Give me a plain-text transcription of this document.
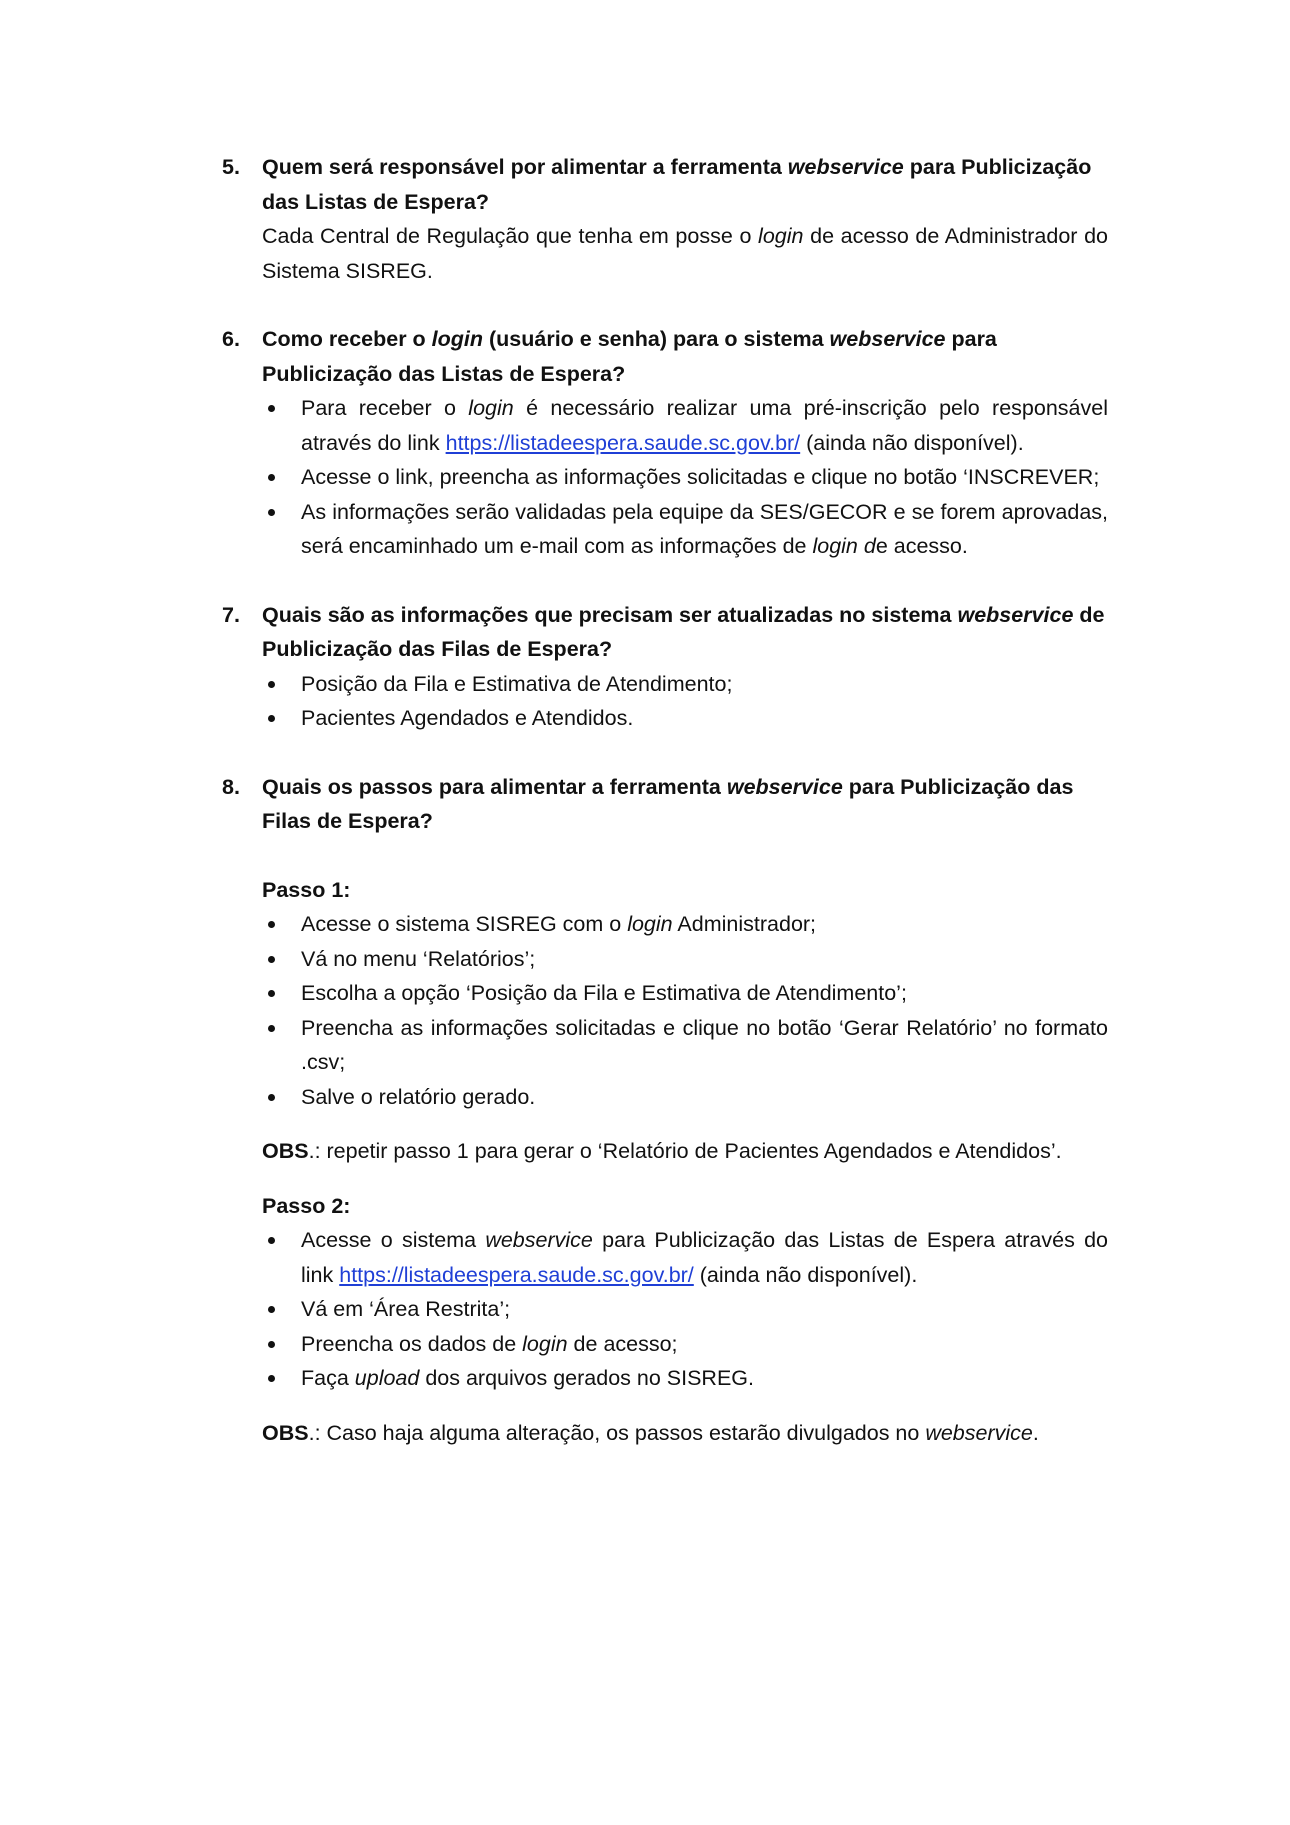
5. Quem será responsável por alimentar a ferramenta webservice para Publicização das Listas de Espera?
Cada Central de Regulação que tenha em posse o login de acesso de Administrador do Sistema SISREG.
6. Como receber o login (usuário e senha) para o sistema webservice para Publicização das Listas de Espera?
Para receber o login é necessário realizar uma pré-inscrição pelo responsável através do link https://listadeespera.saude.sc.gov.br/ (ainda não disponível).
Acesse o link, preencha as informações solicitadas e clique no botão ‘INSCREVER;
As informações serão validadas pela equipe da SES/GECOR e se forem aprovadas, será encaminhado um e-mail com as informações de login de acesso.
7. Quais são as informações que precisam ser atualizadas no sistema webservice de Publicização das Filas de Espera?
Posição da Fila e Estimativa de Atendimento;
Pacientes Agendados e Atendidos.
8. Quais os passos para alimentar a ferramenta webservice para Publicização das Filas de Espera?
Passo 1:
Acesse o sistema SISREG com o login Administrador;
Vá no menu ‘Relatórios’;
Escolha a opção ‘Posição da Fila e Estimativa de Atendimento’;
Preencha as informações solicitadas e clique no botão ‘Gerar Relatório’ no formato .csv;
Salve o relatório gerado.
OBS.: repetir passo 1 para gerar o ‘Relatório de Pacientes Agendados e Atendidos’.
Passo 2:
Acesse o sistema webservice para Publicização das Listas de Espera através do link https://listadeespera.saude.sc.gov.br/ (ainda não disponível).
Vá em ‘Área Restrita’;
Preencha os dados de login de acesso;
Faça upload dos arquivos gerados no SISREG.
OBS.: Caso haja alguma alteração, os passos estarão divulgados no webservice.
